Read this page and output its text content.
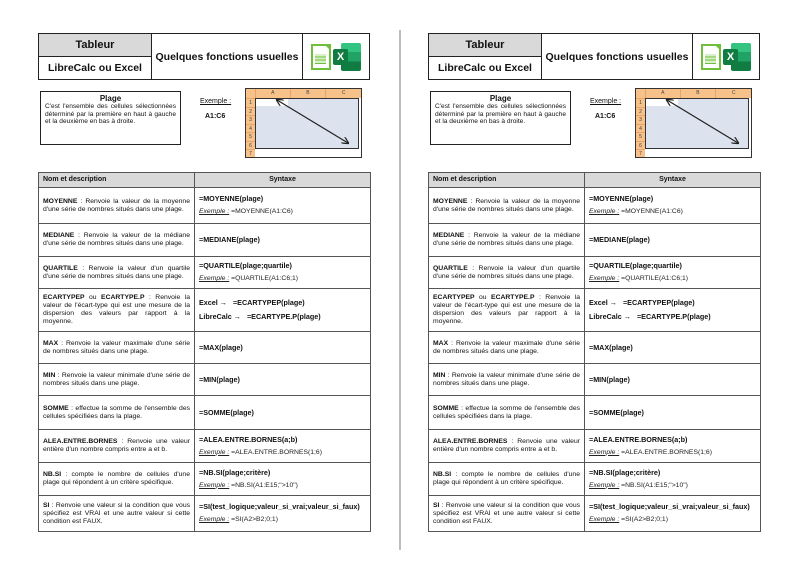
Tableur
LibreCalc ou Excel
Quelques fonctions usuelles	X
Plage
C'est l'ensemble des cellules sélectionnées déterminé par la première en haut à gauche et la deuxième en bas à droite.
Exemple :
A1:C6
A	B	C
1
2
3
4
5
6
7
Nom et description	Syntaxe
MOYENNE : Renvoie la valeur de la moyenne d'une série de nombres situés dans une plage.	=MOYENNE(plage)
Exemple : =MOYENNE(A1:C6)

MEDIANE : Renvoie la valeur de la médiane d'une série de nombres situés dans une plage.	=MEDIANE(plage)

QUARTILE : Renvoie la valeur d'un quartile d'une série de nombres situés dans une plage.	=QUARTILE(plage;quartile)
Exemple : =QUARTILE(A1:C6;1)

ECARTYPEP ou ECARTYPE.P : Renvoie la valeur de l'écart-type qui est une mesure de la dispersion des valeurs par rapport à la moyenne.	Excel → =ECARTYPEP(plage)
LibreCalc → =ECARTYPE.P(plage)

MAX : Renvoie la valeur maximale d'une série de nombres situés dans une plage.	=MAX(plage)

MIN : Renvoie la valeur minimale d'une série de nombres situés dans une plage.	=MIN(plage)

SOMME : effectue la somme de l'ensemble des cellules spécifiées dans la plage.	=SOMME(plage)

ALEA.ENTRE.BORNES : Renvoie une valeur entière d'un nombre compris entre a et b.	=ALEA.ENTRE.BORNES(a;b)
Exemple : =ALEA.ENTRE.BORNES(1;6)

NB.SI : compte le nombre de cellules d'une plage qui répondent à un critère spécifique.	=NB.SI(plage;critère)
Exemple : =NB.SI(A1:E15;">10")

SI : Renvoie une valeur si la condition que vous spécifiez est VRAI et une autre valeur si cette condition est FAUX.	=SI(test_logique;valeur_si_vrai;valeur_si_faux)
Exemple : =SI(A2>B2;0;1)
Tableur
LibreCalc ou Excel
Quelques fonctions usuelles	X
Plage
C'est l'ensemble des cellules sélectionnées déterminé par la première en haut à gauche et la deuxième en bas à droite.
Exemple :
A1:C6
A	B	C
1
2
3
4
5
6
7
Nom et description	Syntaxe
MOYENNE : Renvoie la valeur de la moyenne d'une série de nombres situés dans une plage.	=MOYENNE(plage)
Exemple : =MOYENNE(A1:C6)

MEDIANE : Renvoie la valeur de la médiane d'une série de nombres situés dans une plage.	=MEDIANE(plage)

QUARTILE : Renvoie la valeur d'un quartile d'une série de nombres situés dans une plage.	=QUARTILE(plage;quartile)
Exemple : =QUARTILE(A1:C6;1)

ECARTYPEP ou ECARTYPE.P : Renvoie la valeur de l'écart-type qui est une mesure de la dispersion des valeurs par rapport à la moyenne.	Excel → =ECARTYPEP(plage)
LibreCalc → =ECARTYPE.P(plage)

MAX : Renvoie la valeur maximale d'une série de nombres situés dans une plage.	=MAX(plage)

MIN : Renvoie la valeur minimale d'une série de nombres situés dans une plage.	=MIN(plage)

SOMME : effectue la somme de l'ensemble des cellules spécifiées dans la plage.	=SOMME(plage)

ALEA.ENTRE.BORNES : Renvoie une valeur entière d'un nombre compris entre a et b.	=ALEA.ENTRE.BORNES(a;b)
Exemple : =ALEA.ENTRE.BORNES(1;6)

NB.SI : compte le nombre de cellules d'une plage qui répondent à un critère spécifique.	=NB.SI(plage;critère)
Exemple : =NB.SI(A1:E15;">10")

SI : Renvoie une valeur si la condition que vous spécifiez est VRAI et une autre valeur si cette condition est FAUX.	=SI(test_logique;valeur_si_vrai;valeur_si_faux)
Exemple : =SI(A2>B2;0;1)
